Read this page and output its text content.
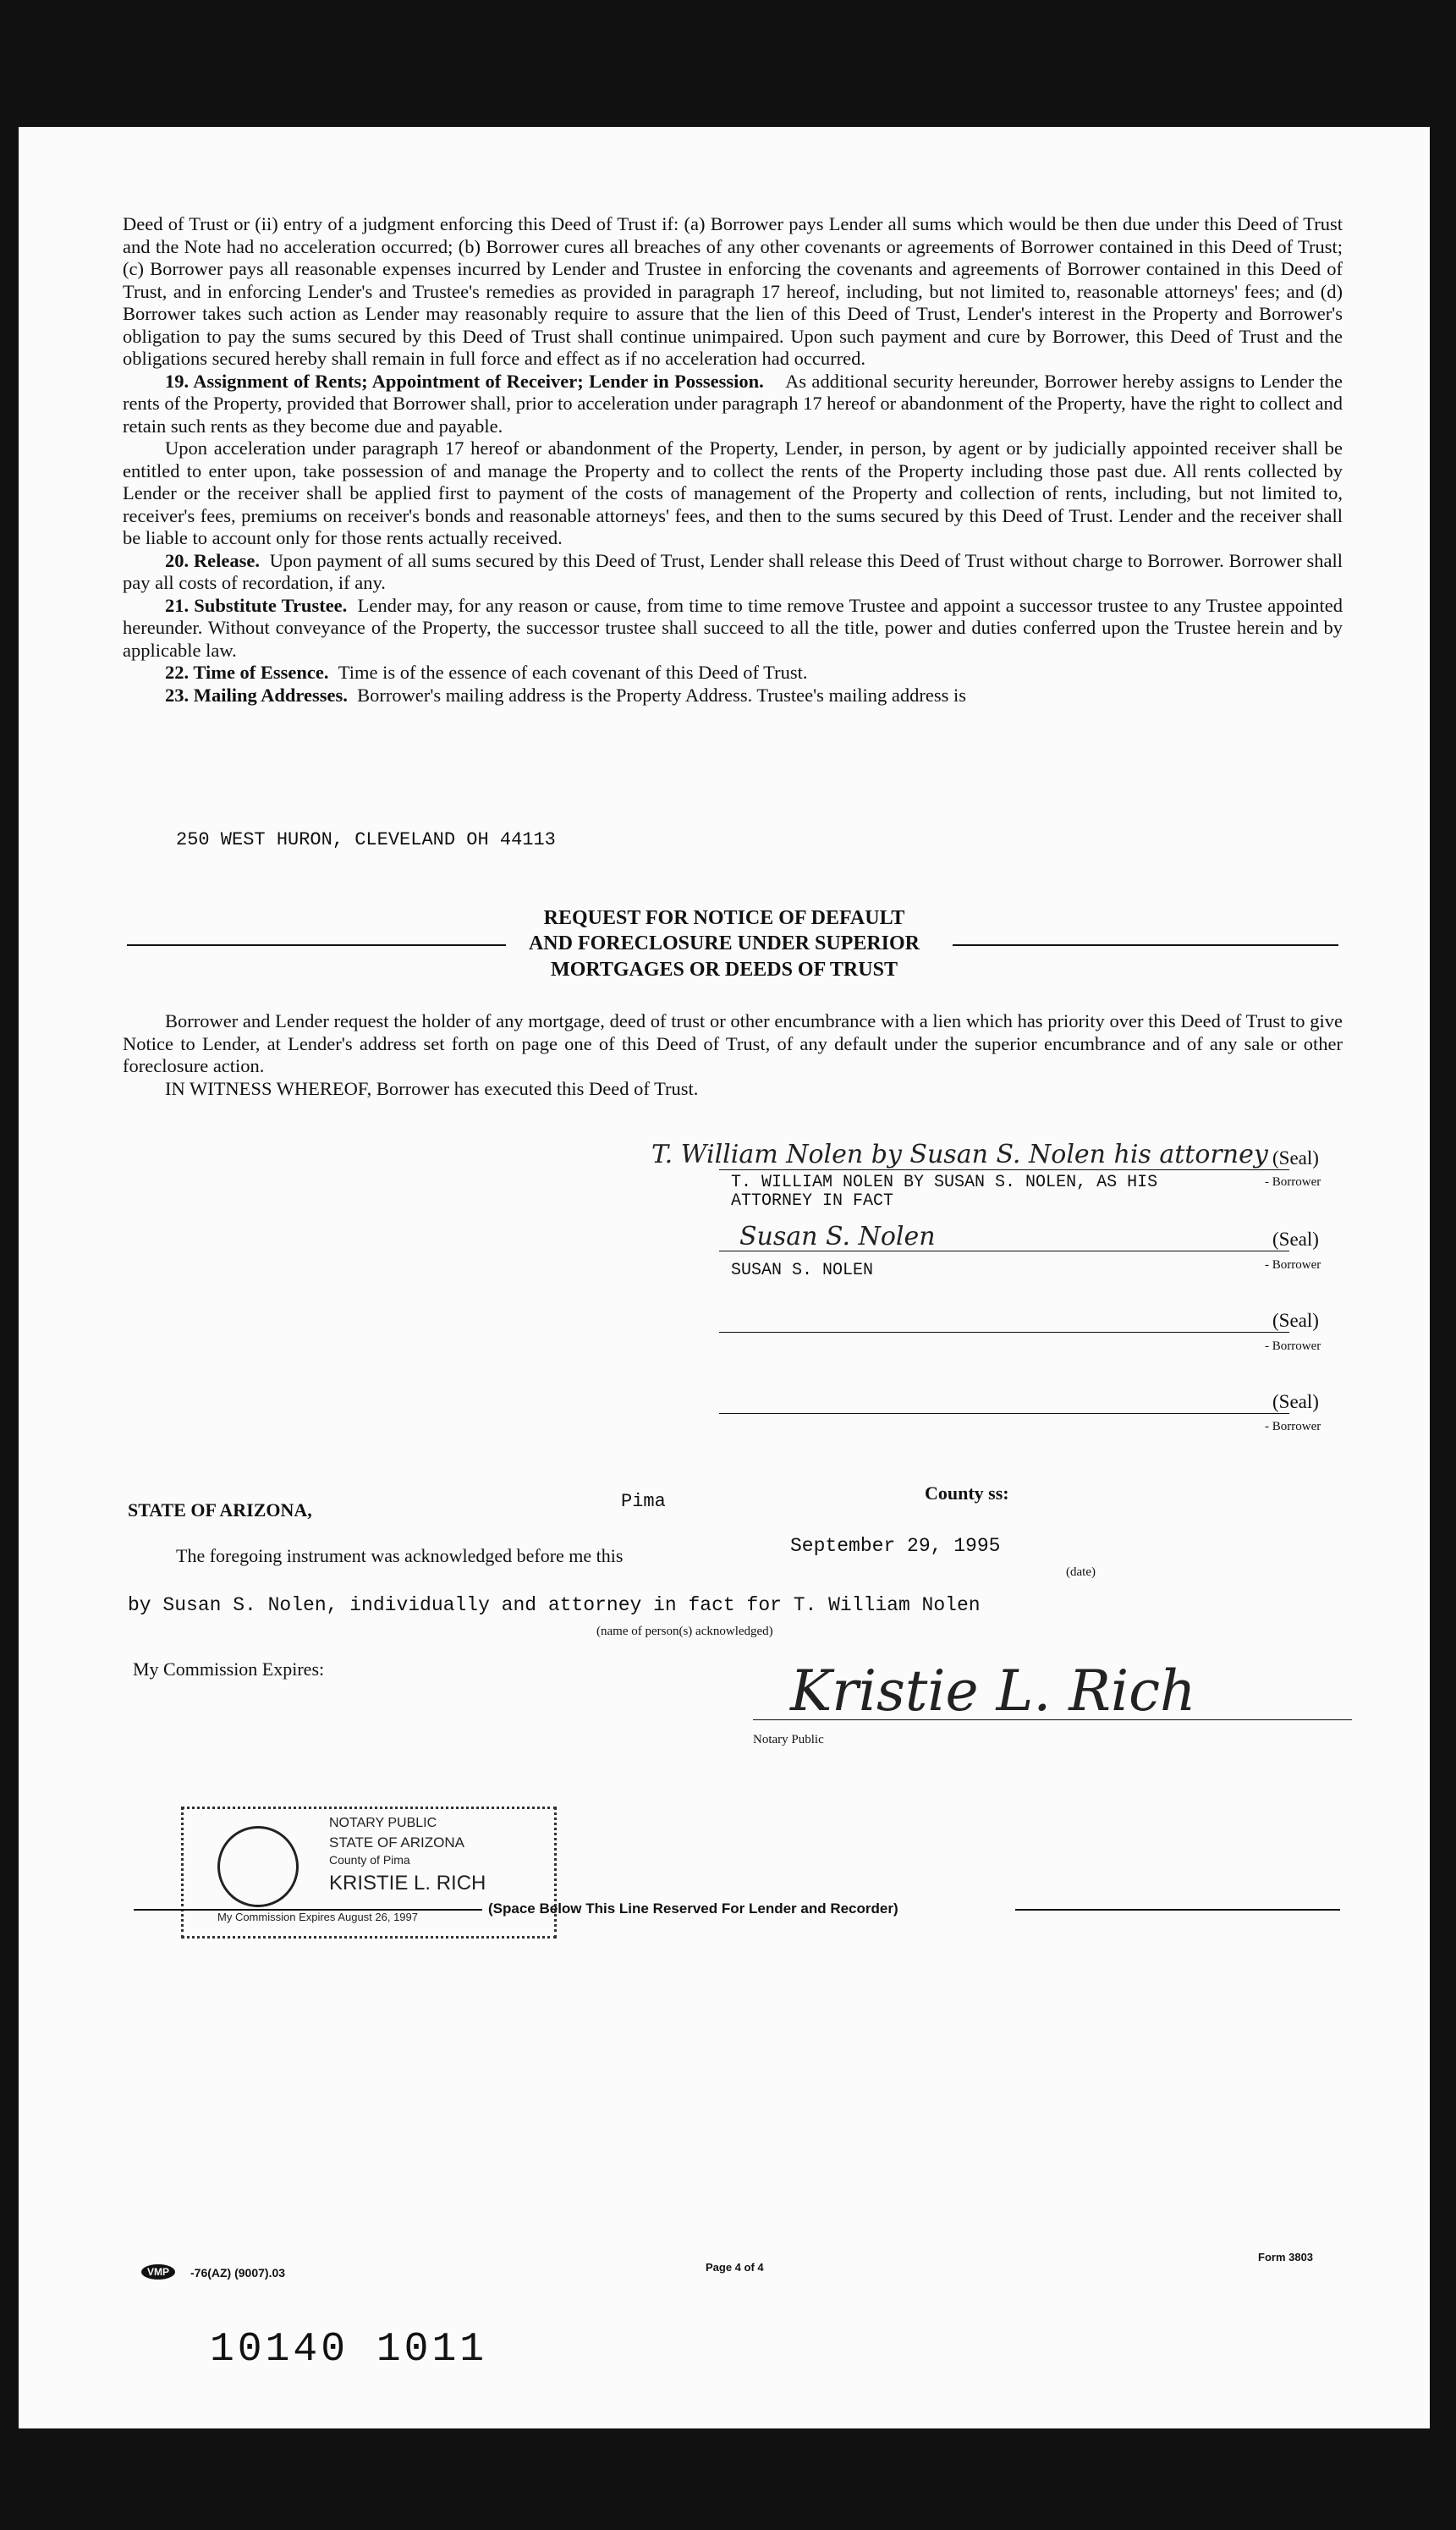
Deed of Trust or (ii) entry of a judgment enforcing this Deed of Trust if: (a) Borrower pays Lender all sums which would be then due under this Deed of Trust and the Note had no acceleration occurred; (b) Borrower cures all breaches of any other covenants or agreements of Borrower contained in this Deed of Trust; (c) Borrower pays all reasonable expenses incurred by Lender and Trustee in enforcing the covenants and agreements of Borrower contained in this Deed of Trust, and in enforcing Lender's and Trustee's remedies as provided in paragraph 17 hereof, including, but not limited to, reasonable attorneys' fees; and (d) Borrower takes such action as Lender may reasonably require to assure that the lien of this Deed of Trust, Lender's interest in the Property and Borrower's obligation to pay the sums secured by this Deed of Trust shall continue unimpaired. Upon such payment and cure by Borrower, this Deed of Trust and the obligations secured hereby shall remain in full force and effect as if no acceleration had occurred.

19. Assignment of Rents; Appointment of Receiver; Lender in Possession. As additional security hereunder, Borrower hereby assigns to Lender the rents of the Property, provided that Borrower shall, prior to acceleration under paragraph 17 hereof or abandonment of the Property, have the right to collect and retain such rents as they become due and payable.

Upon acceleration under paragraph 17 hereof or abandonment of the Property, Lender, in person, by agent or by judicially appointed receiver shall be entitled to enter upon, take possession of and manage the Property and to collect the rents of the Property including those past due. All rents collected by Lender or the receiver shall be applied first to payment of the costs of management of the Property and collection of rents, including, but not limited to, receiver's fees, premiums on receiver's bonds and reasonable attorneys' fees, and then to the sums secured by this Deed of Trust. Lender and the receiver shall be liable to account only for those rents actually received.

20. Release. Upon payment of all sums secured by this Deed of Trust, Lender shall release this Deed of Trust without charge to Borrower. Borrower shall pay all costs of recordation, if any.

21. Substitute Trustee. Lender may, for any reason or cause, from time to time remove Trustee and appoint a successor trustee to any Trustee appointed hereunder. Without conveyance of the Property, the successor trustee shall succeed to all the title, power and duties conferred upon the Trustee herein and by applicable law.

22. Time of Essence. Time is of the essence of each covenant of this Deed of Trust.

23. Mailing Addresses. Borrower's mailing address is the Property Address. Trustee's mailing address is

250 WEST HURON, CLEVELAND OH 44113
REQUEST FOR NOTICE OF DEFAULT
AND FORECLOSURE UNDER SUPERIOR
MORTGAGES OR DEEDS OF TRUST

Borrower and Lender request the holder of any mortgage, deed of trust or other encumbrance with a lien which has priority over this Deed of Trust to give Notice to Lender, at Lender's address set forth on page one of this Deed of Trust, of any default under the superior encumbrance and of any sale or other foreclosure action.

IN WITNESS WHEREOF, Borrower has executed this Deed of Trust.

T. William Nolen by Susan S. Nolen his attorney (Seal)
T. WILLIAM NOLEN BY SUSAN S. NOLEN, AS HIS	- Borrower
ATTORNEY IN FACT
Susan S. Nolen	(Seal)
SUSAN S. NOLEN	- Borrower
(Seal)
- Borrower
(Seal)
- Borrower
STATE OF ARIZONA,	Pima	County ss:
The foregoing instrument was acknowledged before me this	September 29, 1995
(date)
by Susan S. Nolen, individually and attorney in fact for T. William Nolen
(name of person(s) acknowledged)
My Commission Expires:
NOTARY PUBLIC
STATE OF ARIZONA
County of Pima
KRISTIE L. RICH
My Commission Expires August 26, 1997
Kristie L. Rich
Notary Public
(Space Below This Line Reserved For Lender and Recorder)
VMP	-76(AZ) (9007).03	Page 4 of 4
Form 3803
10140 1011
